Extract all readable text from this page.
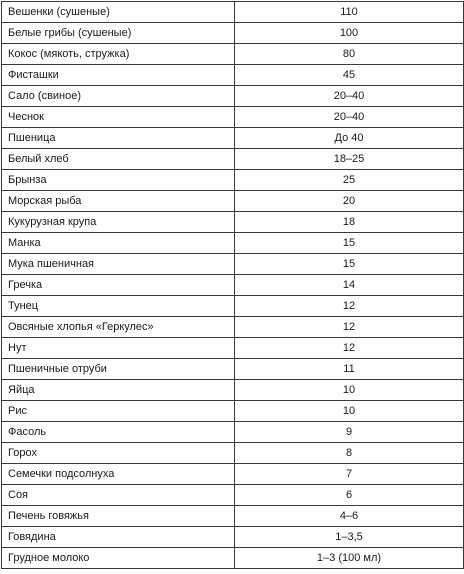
Вешенки (сушеные)	110
Белые грибы (сушеные)	100
Кокос (мякоть, стружка)	80
Фисташки	45
Сало (свиное)	20–40
Чеснок	20–40
Пшеница	До 40
Белый хлеб	18–25
Брынза	25
Морская рыба	20
Кукурузная крупа	18
Манка	15
Мука пшеничная	15
Гречка	14
Тунец	12
Овсяные хлопья «Геркулес»	12
Нут	12
Пшеничные отруби	11
Яйца	10
Рис	10
Фасоль	9
Горох	8
Семечки подсолнуха	7
Соя	6
Печень говяжья	4–6
Говядина	1–3,5
Грудное молоко	1–3 (100 мл)
